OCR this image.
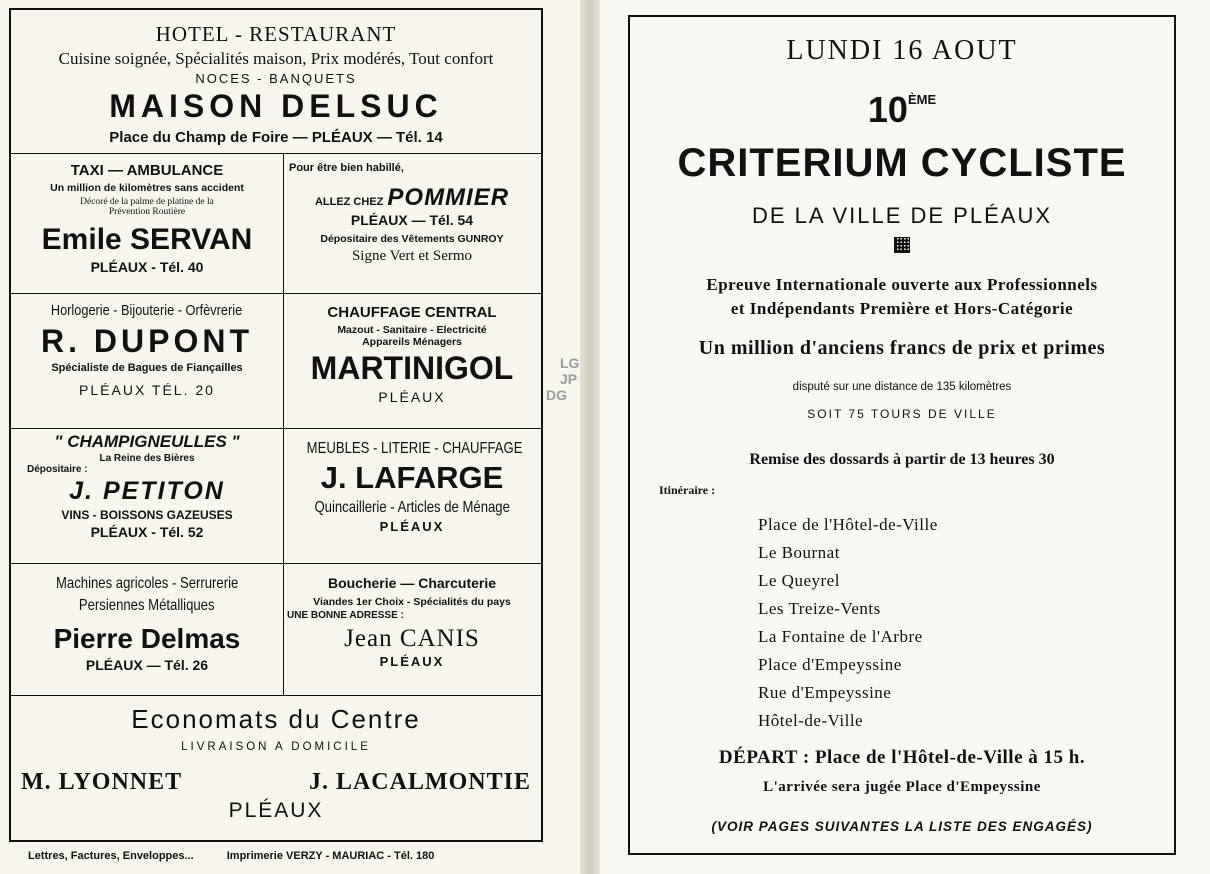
HOTEL - RESTAURANT
Cuisine soignée, Spécialités maison, Prix modérés, Tout confort
NOCES - BANQUETS
MAISON DELSUC
Place du Champ de Foire — PLÉAUX — Tél. 14
TAXI — AMBULANCE
Un million de kilomètres sans accident
Décoré de la palme de platine de la
Prévention Routière
Emile SERVAN
PLÉAUX - Tél. 40
Pour être bien habillé,
ALLEZ CHEZ POMMIER
PLÉAUX — Tél. 54
Dépositaire des Vêtements GUNROY
Signe Vert et Sermo
Horlogerie - Bijouterie - Orfèvrerie
R. DUPONT
Spécialiste de Bagues de Fiançailles
PLÉAUX TÉL. 20
CHAUFFAGE CENTRAL
Mazout - Sanitaire - Electricité
Appareils Ménagers
MARTINIGOL
PLÉAUX
" CHAMPIGNEULLES "
La Reine des Bières
Dépositaire :
J. PETITON
VINS - BOISSONS GAZEUSES
PLÉAUX - Tél. 52
MEUBLES - LITERIE - CHAUFFAGE
J. LAFARGE
Quincaillerie - Articles de Ménage
PLÉAUX
Machines agricoles - Serrurerie
Persiennes Métalliques
Pierre Delmas
PLÉAUX — Tél. 26
Boucherie — Charcuterie
Viandes 1er Choix - Spécialités du pays
UNE BONNE ADRESSE :
Jean CANIS
PLÉAUX
Economats du Centre
LIVRAISON A DOMICILE
M. LYONNET	J. LACALMONTIE
PLÉAUX
Lettres, Factures, Enveloppes...	Imprimerie VERZY - MAURIAC - Tél. 180
LG
JP
DG
LUNDI 16 AOUT
10ÈME
CRITERIUM CYCLISTE
DE LA VILLE DE PLÉAUX
Epreuve Internationale ouverte aux Professionnels
et Indépendants Première et Hors-Catégorie
Un million d'anciens francs de prix et primes
disputé sur une distance de 135 kilomètres
SOIT 75 TOURS DE VILLE
Remise des dossards à partir de 13 heures 30
Itinéraire :
Place de l'Hôtel-de-Ville
Le Bournat
Le Queyrel
Les Treize-Vents
La Fontaine de l'Arbre
Place d'Empeyssine
Rue d'Empeyssine
Hôtel-de-Ville
DÉPART : Place de l'Hôtel-de-Ville à 15 h.
L'arrivée sera jugée Place d'Empeyssine
(VOIR PAGES SUIVANTES LA LISTE DES ENGAGÉS)
